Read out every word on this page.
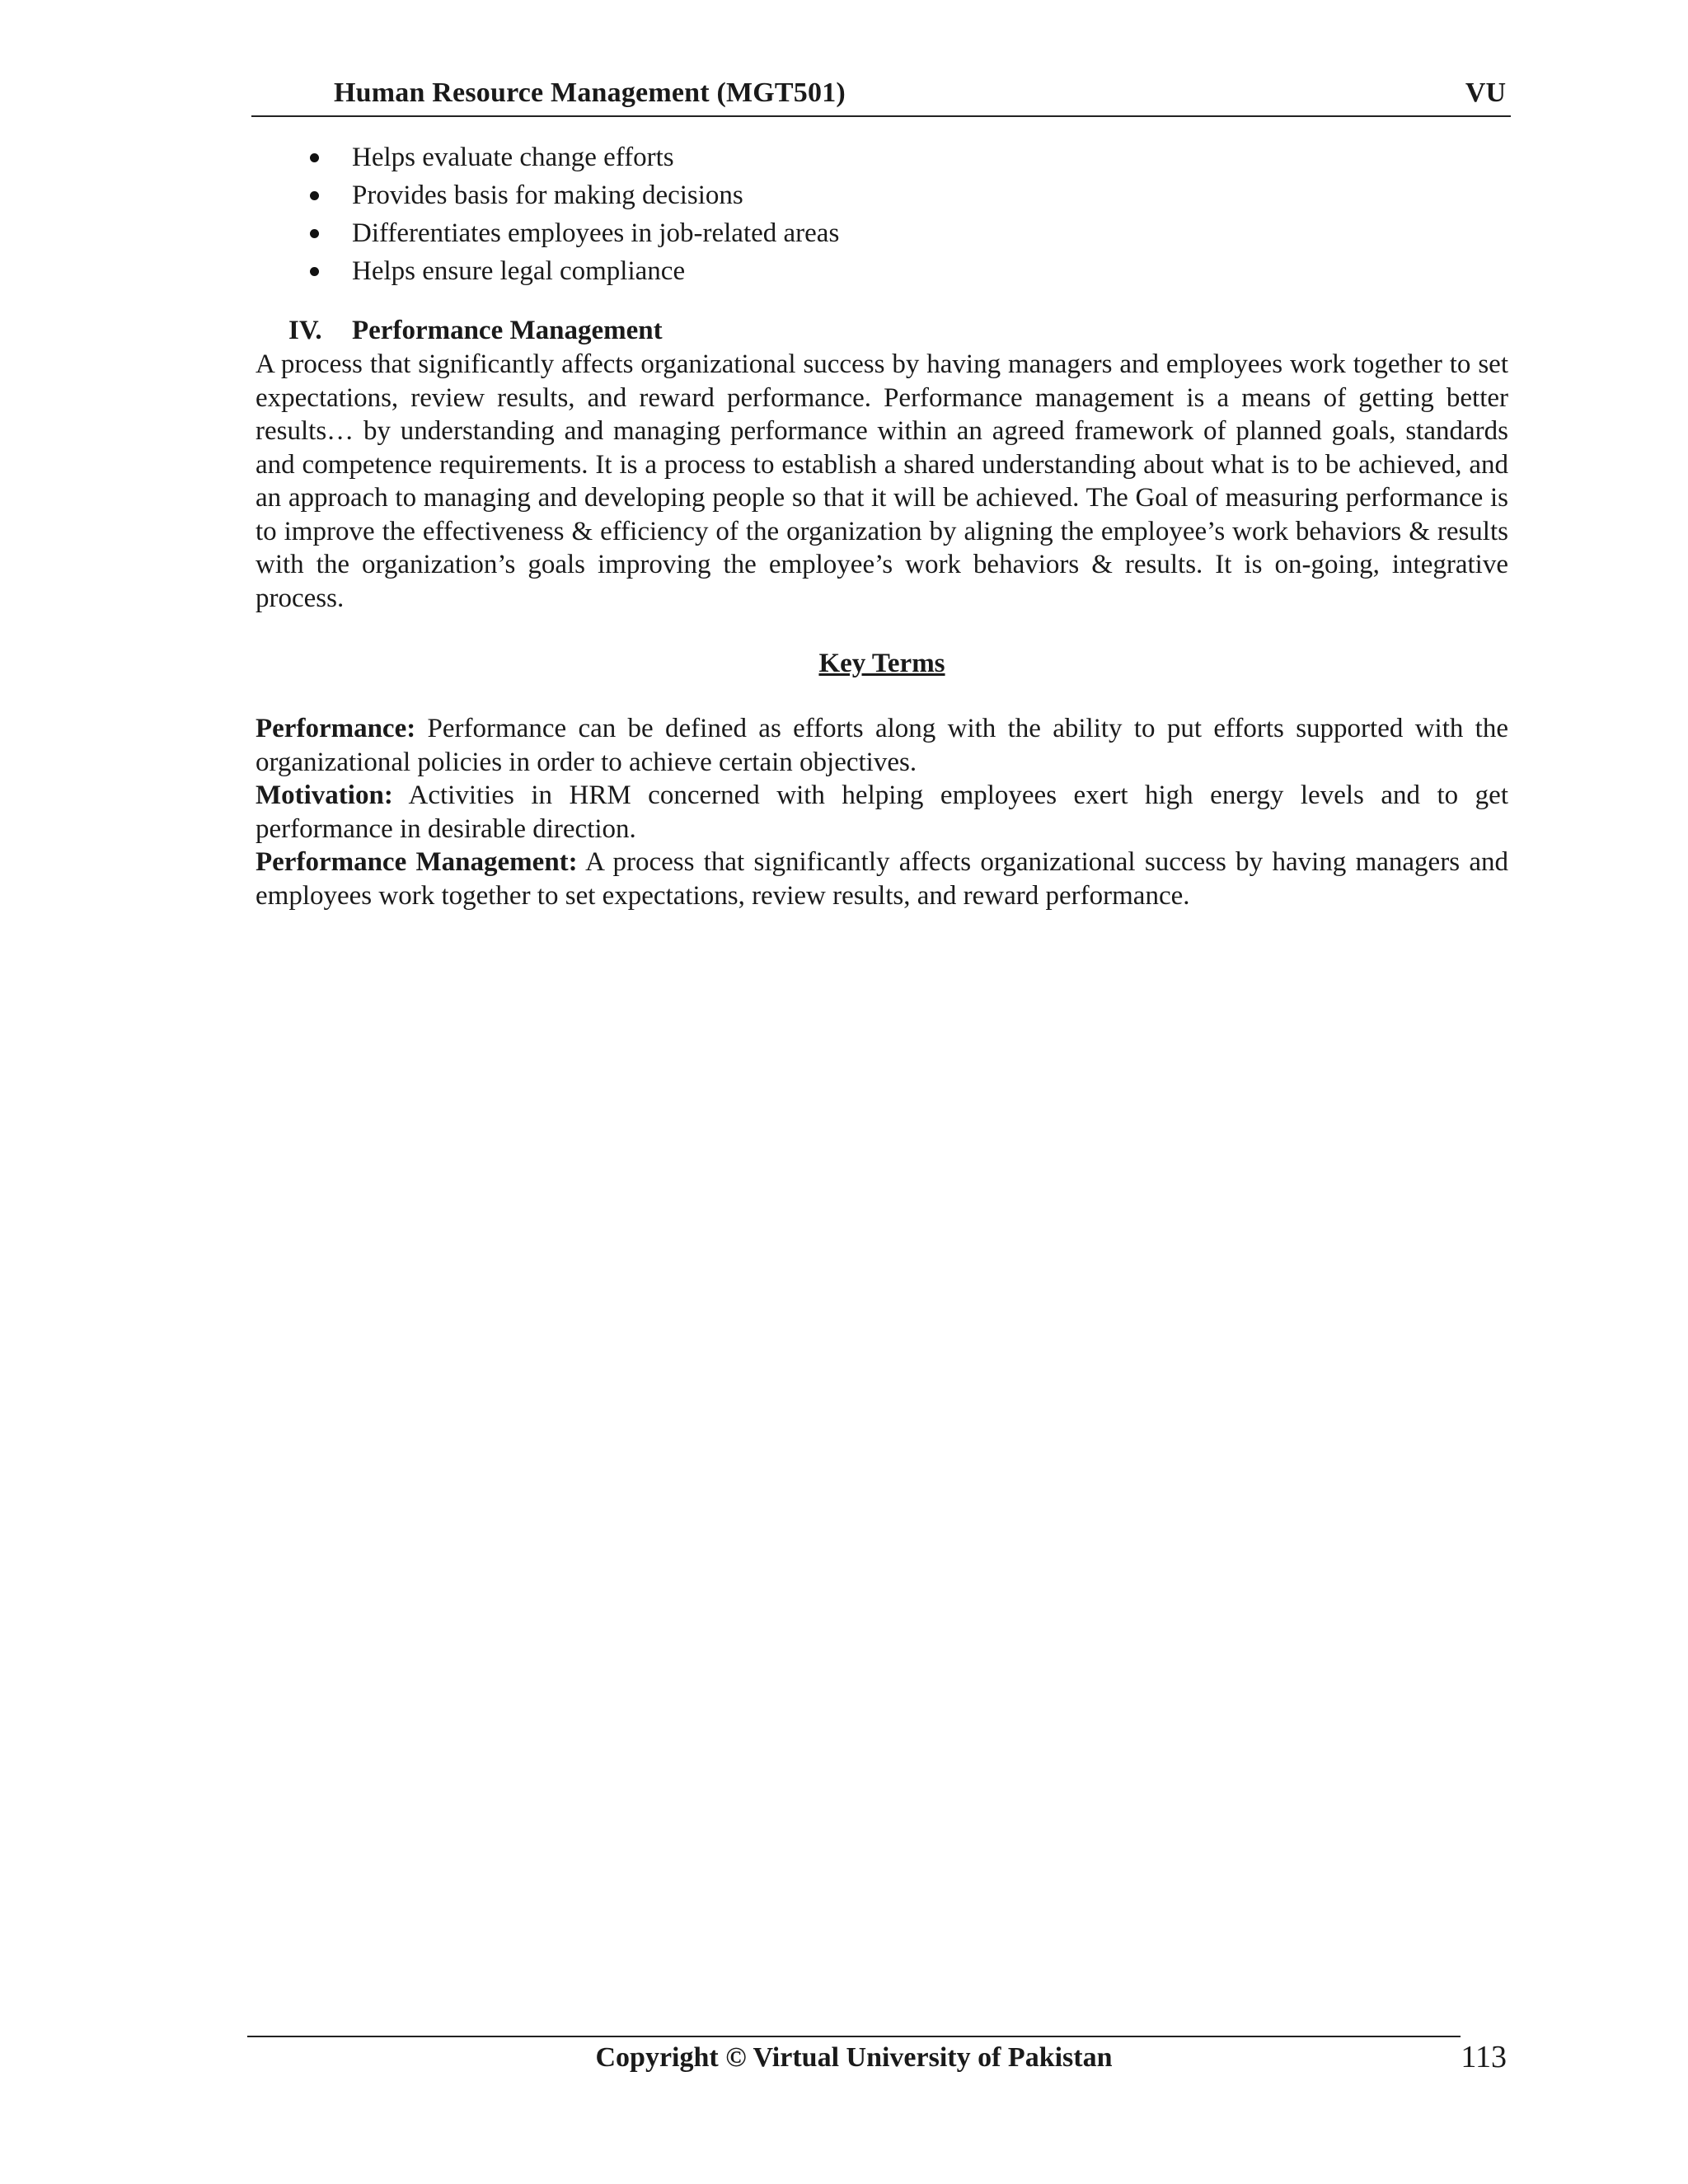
Human Resource Management (MGT501)	VU
Helps evaluate change efforts
Provides basis for making decisions
Differentiates employees in job-related areas
Helps ensure legal compliance
IV. Performance Management

A process that significantly affects organizational success by having managers and employees work together to set expectations, review results, and reward performance. Performance management is a means of getting better results… by understanding and managing performance within an agreed framework of planned goals, standards and competence requirements. It is a process to establish a shared understanding about what is to be achieved, and an approach to managing and developing people so that it will be achieved. The Goal of measuring performance is to improve the effectiveness & efficiency of the organization by aligning the employee’s work behaviors & results with the organization’s goals improving the employee’s work behaviors & results. It is on-going, integrative process.

Key Terms

Performance: Performance can be defined as efforts along with the ability to put efforts supported with the organizational policies in order to achieve certain objectives.

Motivation: Activities in HRM concerned with helping employees exert high energy levels and to get performance in desirable direction.

Performance Management: A process that significantly affects organizational success by having managers and employees work together to set expectations, review results, and reward performance.

Copyright © Virtual University of Pakistan	113
